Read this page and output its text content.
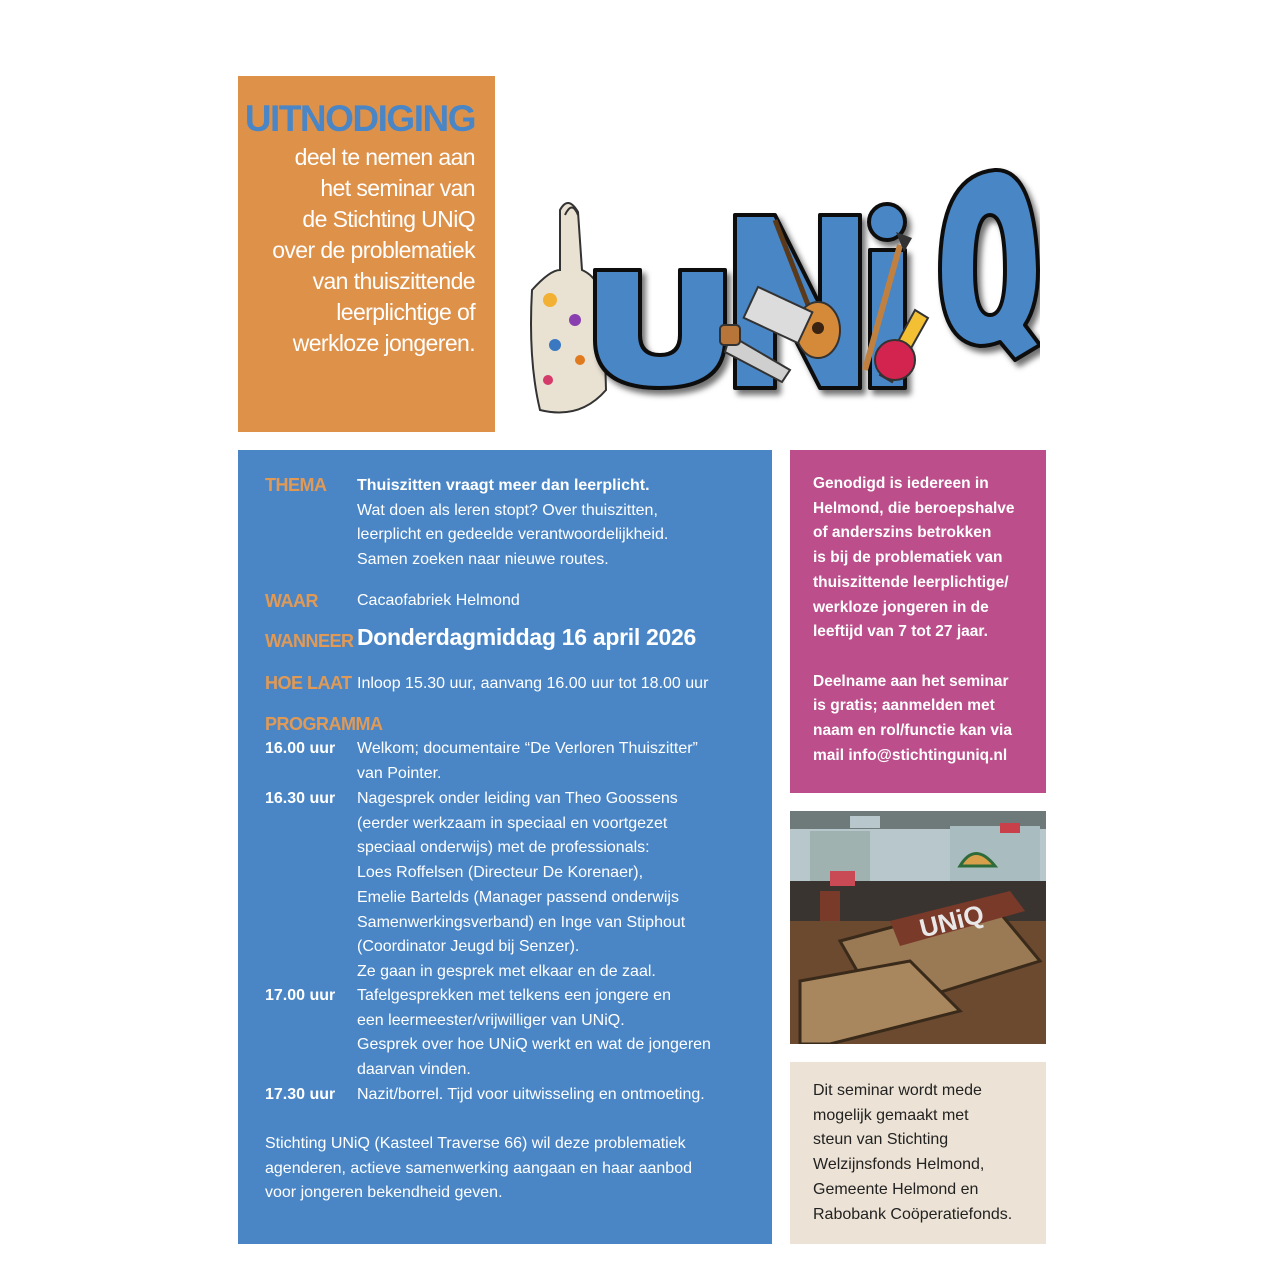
UITNODIGING
deel te nemen aan
het seminar van
de Stichting UNiQ
over de problematiek
van thuiszittende
leerplichtige of
werkloze jongeren.
THEMA Thuiszitten vraagt meer dan leerplicht.
Wat doen als leren stopt? Over thuiszitten,
leerplicht en gedeelde verantwoordelijkheid.
Samen zoeken naar nieuwe routes.
WAAR Cacaofabriek Helmond
WANNEER Donderdagmiddag 16 april 2026
HOE LAAT Inloop 15.30 uur, aanvang 16.00 uur tot 18.00 uur
PROGRAMMA
16.00 uur Welkom; documentaire “De Verloren Thuiszitter”
van Pointer.
16.30 uur Nagesprek onder leiding van Theo Goossens
(eerder werkzaam in speciaal en voortgezet
speciaal onderwijs) met de professionals:
Loes Roffelsen (Directeur De Korenaer),
Emelie Bartelds (Manager passend onderwijs
Samenwerkingsverband) en Inge van Stiphout
(Coordinator Jeugd bij Senzer).
Ze gaan in gesprek met elkaar en de zaal.
17.00 uur Tafelgesprekken met telkens een jongere en
een leermeester/vrijwilliger van UNiQ.
Gesprek over hoe UNiQ werkt en wat de jongeren
daarvan vinden.
17.30 uur Nazit/borrel. Tijd voor uitwisseling en ontmoeting.
Stichting UNiQ (Kasteel Traverse 66) wil deze problematiek
agenderen, actieve samenwerking aangaan en haar aanbod
voor jongeren bekendheid geven.
Genodigd is iedereen in
Helmond, die beroepshalve
of anderszins betrokken
is bij de problematiek van
thuiszittende leerplichtige/
werkloze jongeren in de
leeftijd van 7 tot 27 jaar.

Deelname aan het seminar
is gratis; aanmelden met
naam en rol/functie kan via
mail info@stichtinguniq.nl
UNiQ
Dit seminar wordt mede
mogelijk gemaakt met
steun van Stichting
Welzijnsfonds Helmond,
Gemeente Helmond en
Rabobank Coöperatiefonds.
